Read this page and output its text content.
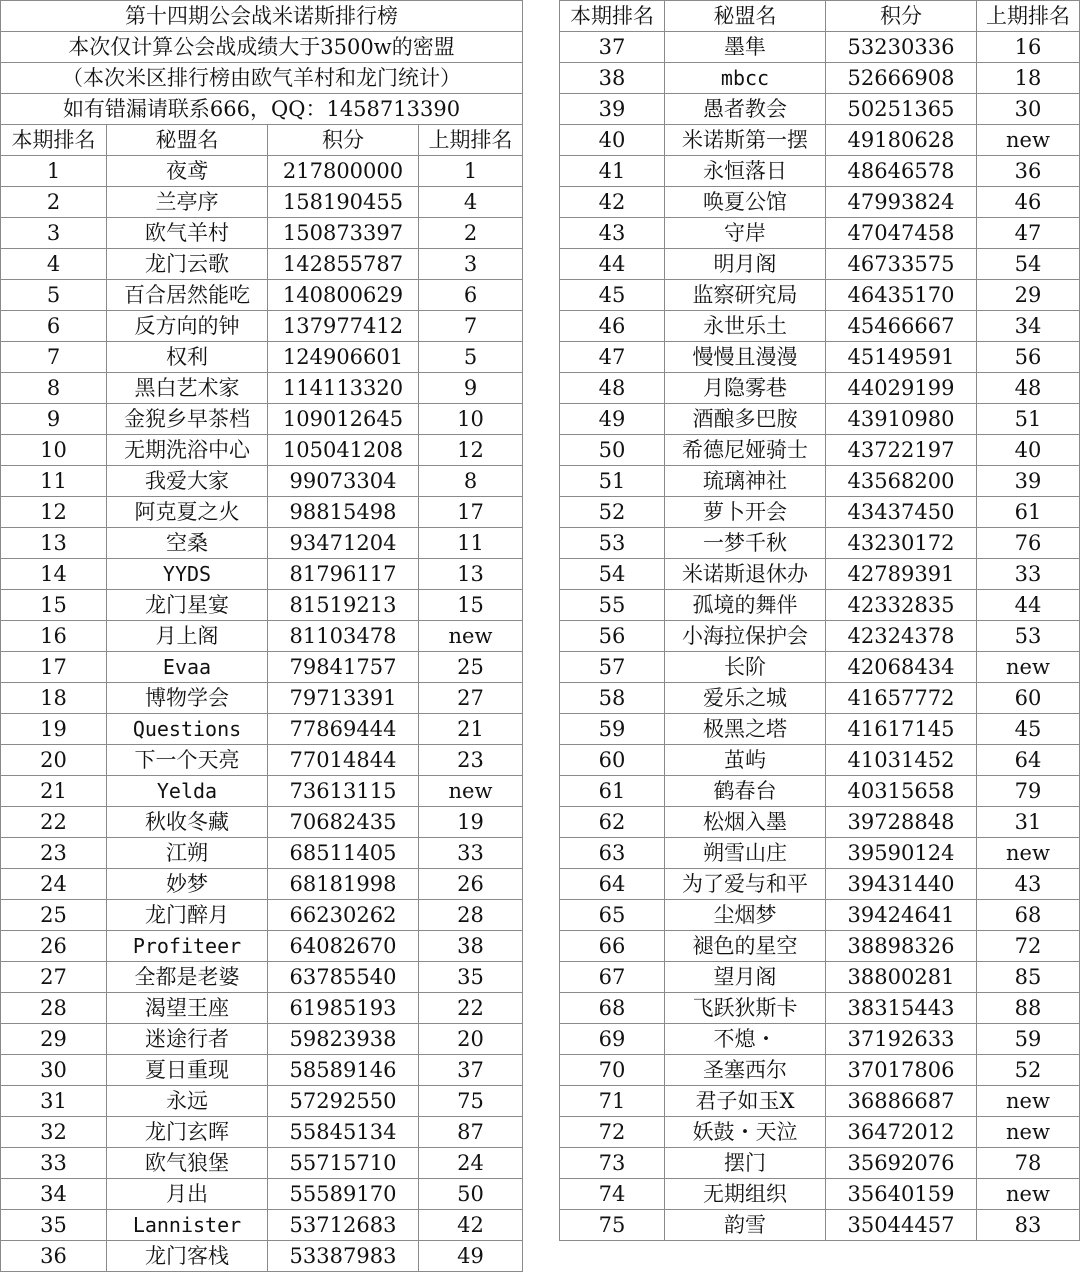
第十四期公会战米诺斯排行榜			
本次仅计算公会战成绩大于3500w的密盟			
（本次米区排行榜由欧气羊村和龙门统计）			
如有错漏请联系666，QQ：1458713390			
本期排名	秘盟名	积分	上期排名
1	夜鸢	217800000	1
2	兰亭序	158190455	4
3	欧气羊村	150873397	2
4	龙门云歌	142855787	3
5	百合居然能吃	140800629	6
6	反方向的钟	137977412	7
7	权利	124906601	5
8	黑白艺术家	114113320	9
9	金猊乡早茶档	109012645	10
10	无期洗浴中心	105041208	12
11	我爱大家	99073304	8
12	阿克夏之火	98815498	17
13	空桑	93471204	11
14	YYDS	81796117	13
15	龙门星宴	81519213	15
16	月上阁	81103478	new
17	Evaa	79841757	25
18	博物学会	79713391	27
19	Questions	77869444	21
20	下一个天亮	77014844	23
21	Yelda	73613115	new
22	秋收冬藏	70682435	19
23	江朔	68511405	33
24	妙梦	68181998	26
25	龙门醉月	66230262	28
26	Profiteer	64082670	38
27	全都是老婆	63785540	35
28	渴望王座	61985193	22
29	迷途行者	59823938	20
30	夏日重现	58589146	37
31	永远	57292550	75
32	龙门玄晖	55845134	87
33	欧气狼堡	55715710	24
34	月出	55589170	50
35	Lannister	53712683	42
36	龙门客栈	53387983	49
本期排名	秘盟名	积分	上期排名
37	墨隼	53230336	16
38	mbcc	52666908	18
39	愚者教会	50251365	30
40	米诺斯第一摆	49180628	new
41	永恒落日	48646578	36
42	唤夏公馆	47993824	46
43	守岸	47047458	47
44	明月阁	46733575	54
45	监察研究局	46435170	29
46	永世乐土	45466667	34
47	慢慢且漫漫	45149591	56
48	月隐雾巷	44029199	48
49	酒酿多巴胺	43910980	51
50	希德尼娅骑士	43722197	40
51	琉璃神社	43568200	39
52	萝卜开会	43437450	61
53	一梦千秋	43230172	76
54	米诺斯退休办	42789391	33
55	孤境的舞伴	42332835	44
56	小海拉保护会	42324378	53
57	长阶	42068434	new
58	爱乐之城	41657772	60
59	极黑之塔	41617145	45
60	茧屿	41031452	64
61	鹤春台	40315658	79
62	松烟入墨	39728848	31
63	朔雪山庄	39590124	new
64	为了爱与和平	39431440	43
65	尘烟梦	39424641	68
66	褪色的星空	38898326	72
67	望月阁	38800281	85
68	飞跃狄斯卡	38315443	88
69	不熄・	37192633	59
70	圣塞西尔	37017806	52
71	君子如玉X	36886687	new
72	妖鼓・天泣	36472012	new
73	摆门	35692076	78
74	无期组织	35640159	new
75	韵雪	35044457	83
